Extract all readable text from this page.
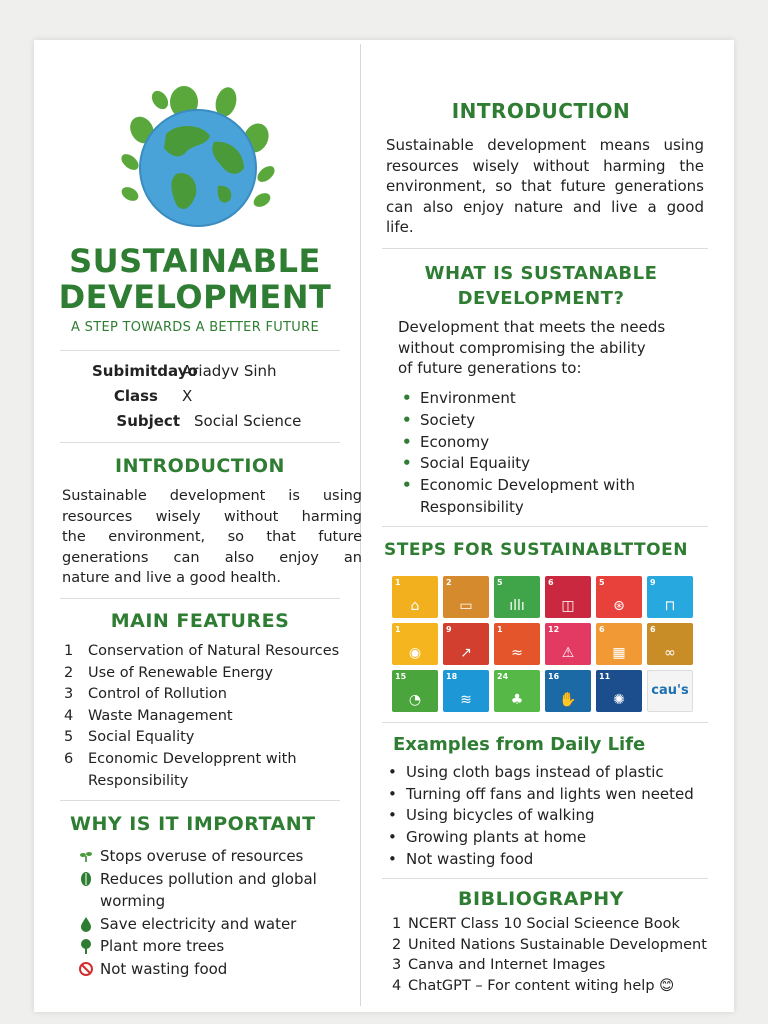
SUSTAINABLE
DEVELOPMENT
A STEP TOWARDS A BETTER FUTURE
Subimitdayo
Ariadyv Sinh
Class	X
Subject Social Science
INTRODUCTION
Sustainable development is using
resources wisely without harming
the environment, so that future
generations can also enjoy an
nature and live a good health.
MAIN FEATURES
1 Conservation of Natural Resources
2 Use of Renewable Energy
3 Control of Rollution
4 Waste Management
5 Social Equality
6 Economic Developprent with Responsibility
WHY IS IT IMPORTANT
Stops overuse of resources
Reduces pollution and global worming
Save electricity and water
Plant more trees
Not wasting food
INTRODUCTION
Sustainable development means using
resources wisely without harming the
environment, so that future generations
can also enjoy nature and live a good
life.
WHAT IS SUSTANABLE
DEVELOPMENT?
Development that meets the needs
without compromising the ability
of future generations to:
• Environment
• Society
• Economy
• Social Equaiity
• Economic Development with Responsibility
STEPS FOR SUSTAINABLTTOEN
1
⌂
2
▭
5
ıllı
6
◫
5
⊛
9
⊓
1
◉
9
↗
1
≈
12
⚠
6
▦
6
∞
15
◔
18
≋
24
♣
16
✋
11
✺
cau's
Examples from Daily Life
• Using cloth bags instead of plastic
• Turning off fans and lights wen neeted
• Using bicycles of walking
• Growing plants at home
• Not wasting food
BIBLIOGRAPHY
1 NCERT Class 10 Social Scieence Book
2 United Nations Sustainable Development
3 Canva and Internet Images
4 ChatGPT – For content witing help 😊
